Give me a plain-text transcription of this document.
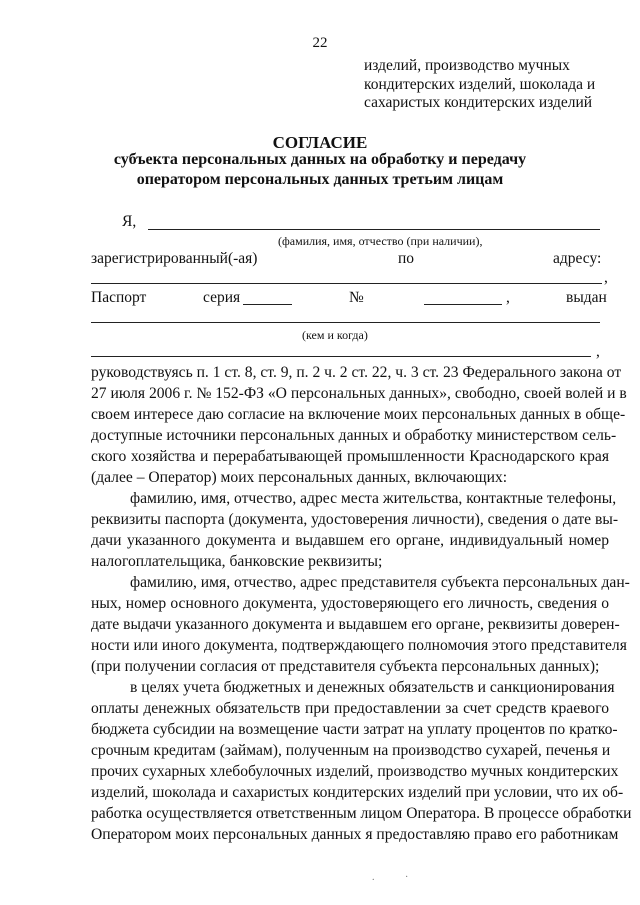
22
изделий, производство мучных
кондитерских изделий, шоколада и
сахаристых кондитерских изделий
СОГЛАСИЕ
субъекта персональных данных на обработку и передачу
оператором персональных данных третьим лицам
Я,
(фамилия, имя, отчество (при наличии),
зарегистрированный(-ая)	по	адресу:
,
Паспорт	серия	№	,	выдан
(кем и когда)
,
руководствуясь п. 1 ст. 8, ст. 9, п. 2 ч. 2 ст. 22, ч. 3 ст. 23 Федерального закона от
27 июля 2006 г. № 152-ФЗ «О персональных данных», свободно, своей волей и в
своем интересе даю согласие на включение моих персональных данных в обще-
доступные источники персональных данных и обработку министерством сель-
ского хозяйства и перерабатывающей промышленности Краснодарского края
(далее – Оператор) моих персональных данных, включающих:
фамилию, имя, отчество, адрес места жительства, контактные телефоны,
реквизиты паспорта (документа, удостоверения личности), сведения о дате вы-
дачи указанного документа и выдавшем его органе, индивидуальный номер
налогоплательщика, банковские реквизиты;
фамилию, имя, отчество, адрес представителя субъекта персональных дан-
ных, номер основного документа, удостоверяющего его личность, сведения о
дате выдачи указанного документа и выдавшем его органе, реквизиты доверен-
ности или иного документа, подтверждающего полномочия этого представителя
(при получении согласия от представителя субъекта персональных данных);
в целях учета бюджетных и денежных обязательств и санкционирования
оплаты денежных обязательств при предоставлении за счет средств краевого
бюджета субсидии на возмещение части затрат на уплату процентов по кратко-
срочным кредитам (займам), полученным на производство сухарей, печенья и
прочих сухарных хлебобулочных изделий, производство мучных кондитерских
изделий, шоколада и сахаристых кондитерских изделий при условии, что их об-
работка осуществляется ответственным лицом Оператора. В процессе обработки
Оператором моих персональных данных я предоставляю право его работникам
.	·
